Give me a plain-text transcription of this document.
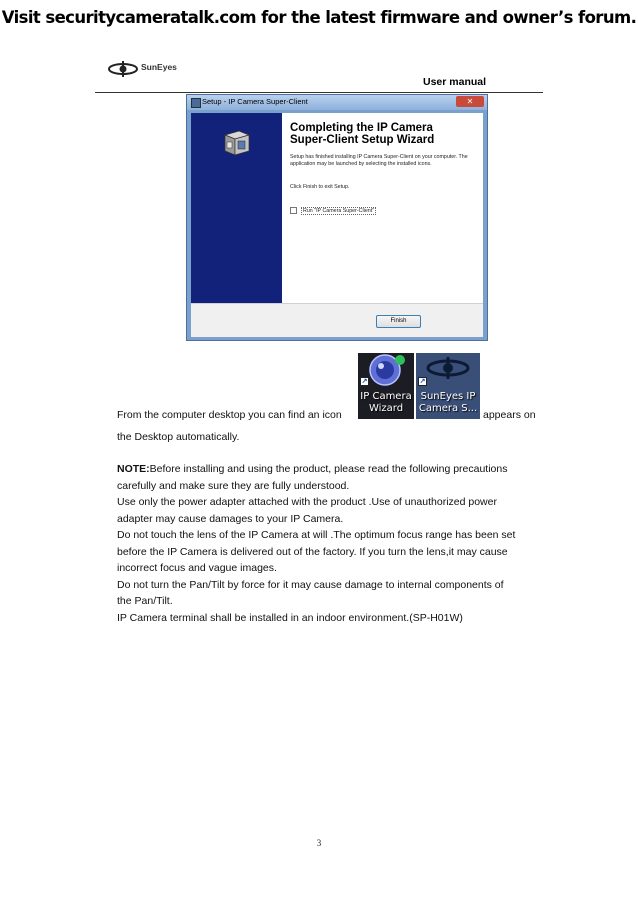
Visit securitycameratalk.com for the latest firmware and owner’s forum.
SunEyes
User manual
Setup - IP Camera Super-Client	✕
Completing the IP Camera
Super-Client Setup Wizard
Setup has finished installing IP Camera Super-Client on your computer. The application may be launched by selecting the installed icons.
Click Finish to exit Setup.
Run "IP Camera Super-Client"
Finish
↗
IP Camera
Wizard
↗
SunEyes IP
Camera S...
From the computer desktop you can find an icon	appears on
the Desktop automatically.
NOTE:Before installing and using the product, please read the following precautions
carefully and make sure they are fully understood.
Use only the power adapter attached with the product .Use of unauthorized power
adapter may cause damages to your IP Camera.
Do not touch the lens of the IP Camera at will .The optimum focus range has been set
before the IP Camera is delivered out of the factory. If you turn the lens,it may cause
incorrect focus and vague images.
Do not turn the Pan/Tilt by force for it may cause damage to internal components of
the Pan/Tilt.
IP Camera terminal shall be installed in an indoor environment.(SP-H01W)
3
